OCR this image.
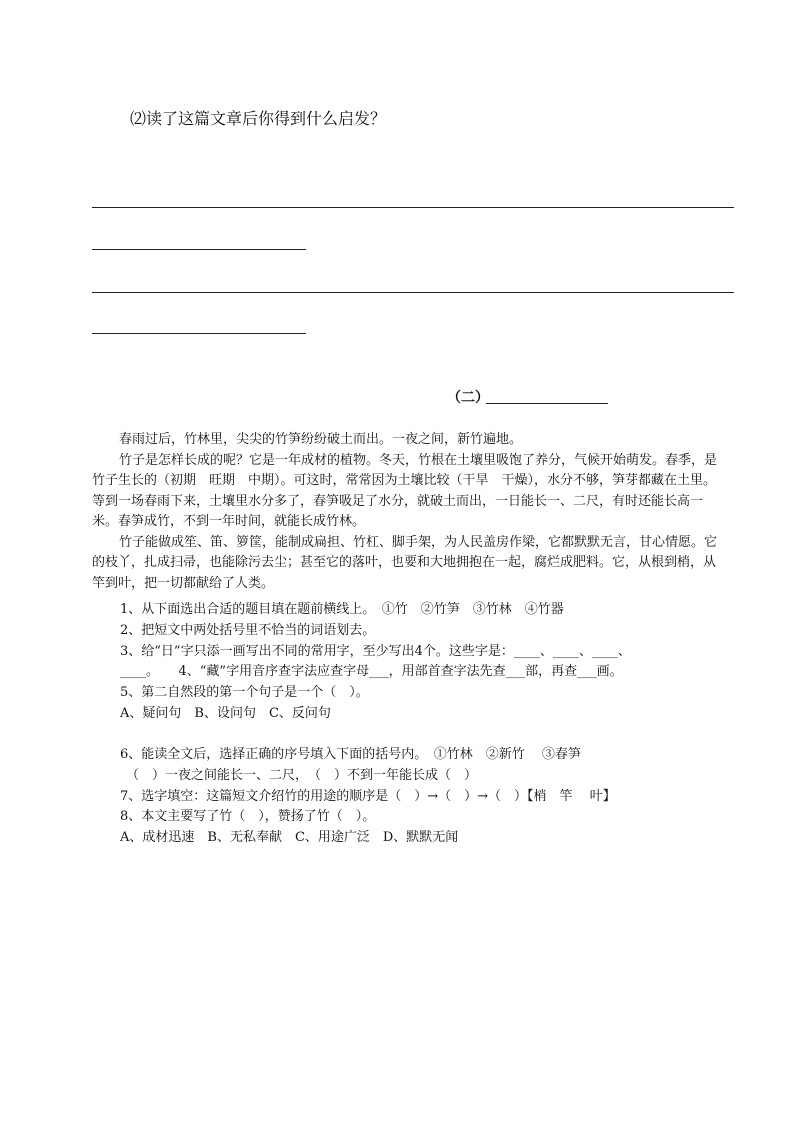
⑵读了这篇文章后你得到什么启发？
（二）

春雨过后，竹林里，尖尖的竹笋纷纷破土而出。一夜之间，新竹遍地。

竹子是怎样长成的呢？它是一年成材的植物。冬天，竹根在土壤里吸饱了养分，气候开始萌发。春季，是竹子生长的（初期　旺期　中期）。可这时，常常因为土壤比较（干旱　干燥），水分不够，笋芽都藏在土里。等到一场春雨下来，土壤里水分多了，春笋吸足了水分，就破土而出，一日能长一、二尺，有时还能长高一米。春笋成竹，不到一年时间，就能长成竹林。

竹子能做成笙、笛、箩筐，能制成扁担、竹杠、脚手架，为人民盖房作梁，它都默默无言，甘心情愿。它的枝丫，扎成扫帚，也能除污去尘；甚至它的落叶，也要和大地拥抱在一起，腐烂成肥料。它，从根到梢，从竿到叶，把一切都献给了人类。

1、从下面选出合适的题目填在题前横线上。　①竹　②竹笋　③竹林　④竹器
2、把短文中两处括号里不恰当的词语划去。
3、给“日”字只添一画写出不同的常用字，至少写出4个。这些字是：____、____、____、
____。　　4、“藏”字用音序查字法应查字母___，用部首查字法先查___部，再查___画。
5、第二自然段的第一个句子是一个（　）。
A、疑问句　B、设问句　C、反问句
6、能读全文后，选择正确的序号填入下面的括号内。　①竹林　②新竹　 ③春笋
（　）一夜之间能长一、二尺，　（　）不到一年能长成（　）
7、选字填空：这篇短文介绍竹的用途的顺序是（　）→（　）→（　）【梢　竿　 叶】
8、本文主要写了竹（　），赞扬了竹（　）。
A、成材迅速　B、无私奉献　C、用途广泛　D、默默无闻
